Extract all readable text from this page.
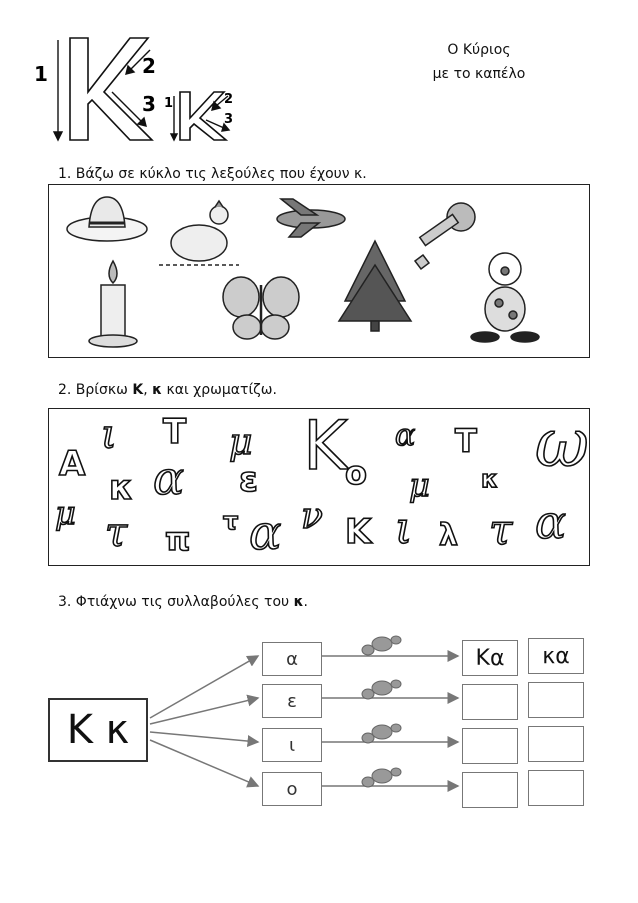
1	2
3 1	2
3
Ο Κύριος
με το καπέλο
1. Βάζω σε κύκλο τις λεξούλες που έχουν κ.
2. Βρίσκω Κ, κ και χρωματίζω.
Α
ι Τ μ K α Τ ω
κ α ε	ο μ κ
μ τ π τ α ν Κ ι λ τ α
3. Φτιάχνω τις συλλαβούλες του κ.
Κ κ
α
ε
ι
ο
Κα	κα
